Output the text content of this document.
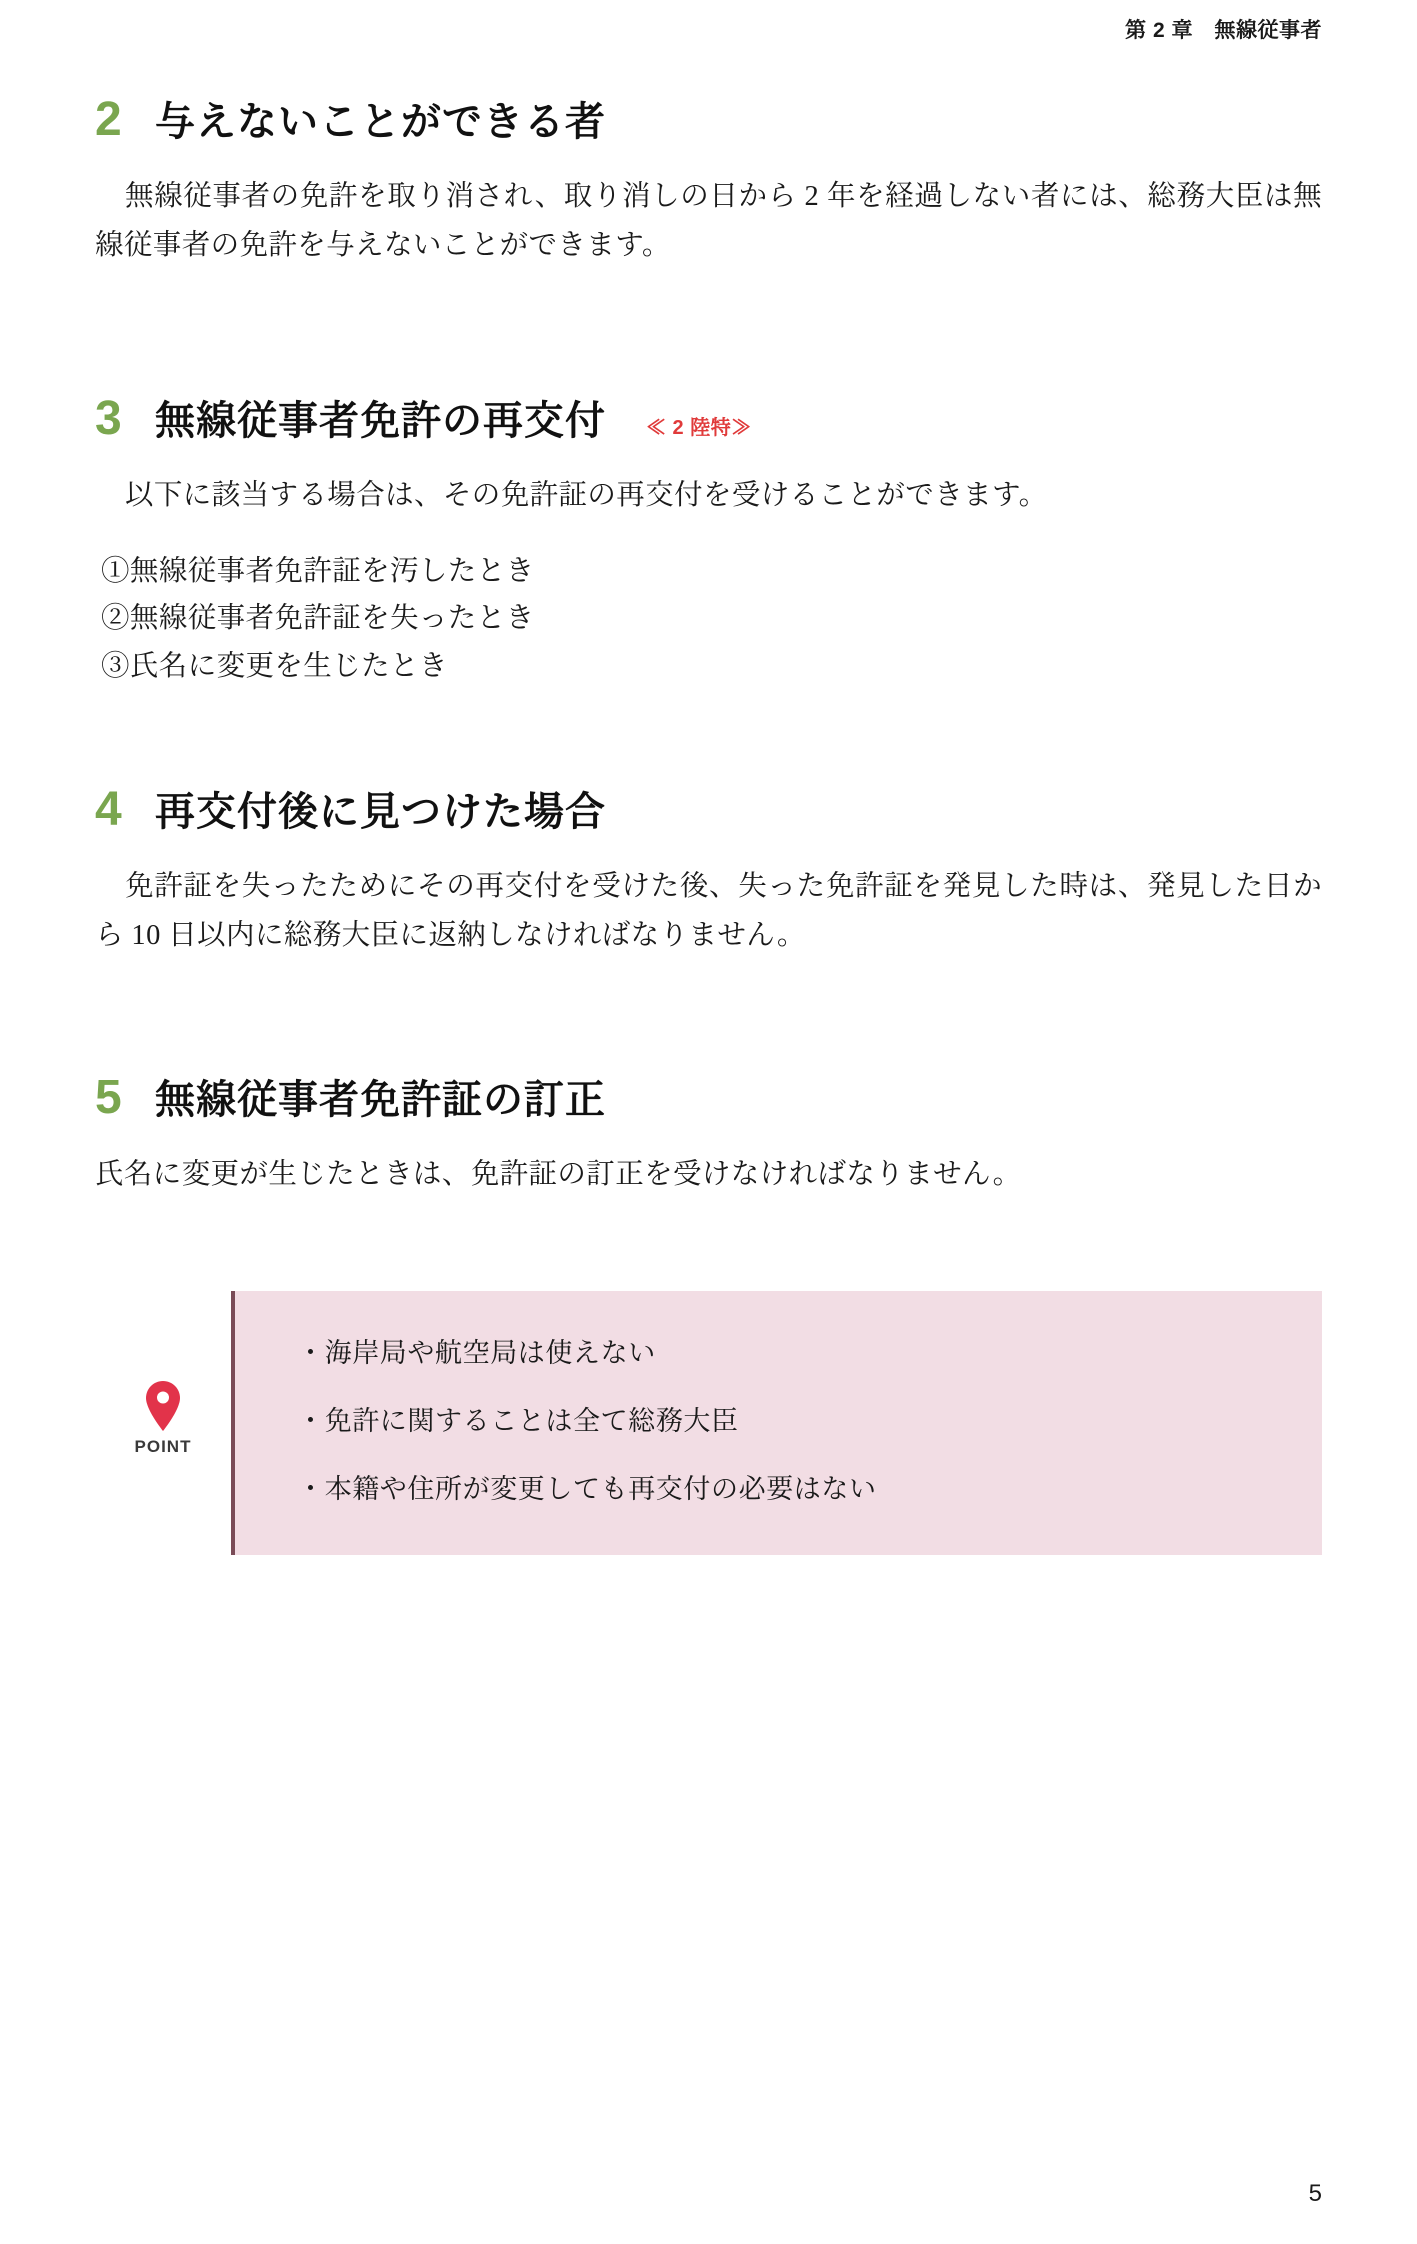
第 2 章　無線従事者
2 与えないことができる者

無線従事者の免許を取り消され、取り消しの日から 2 年を経過しない者には、総務大臣は無線従事者の免許を与えないことができます。

3 無線従事者免許の再交付 ≪ 2 陸特≫

以下に該当する場合は、その免許証の再交付を受けることができます。

①無線従事者免許証を汚したとき
②無線従事者免許証を失ったとき
③氏名に変更を生じたとき
4 再交付後に見つけた場合

免許証を失ったためにその再交付を受けた後、失った免許証を発見した時は、発見した日から 10 日以内に総務大臣に返納しなければなりません。

5 無線従事者免許証の訂正

氏名に変更が生じたときは、免許証の訂正を受けなければなりません。

POINT
・海岸局や航空局は使えない
・免許に関することは全て総務大臣
・本籍や住所が変更しても再交付の必要はない
5
